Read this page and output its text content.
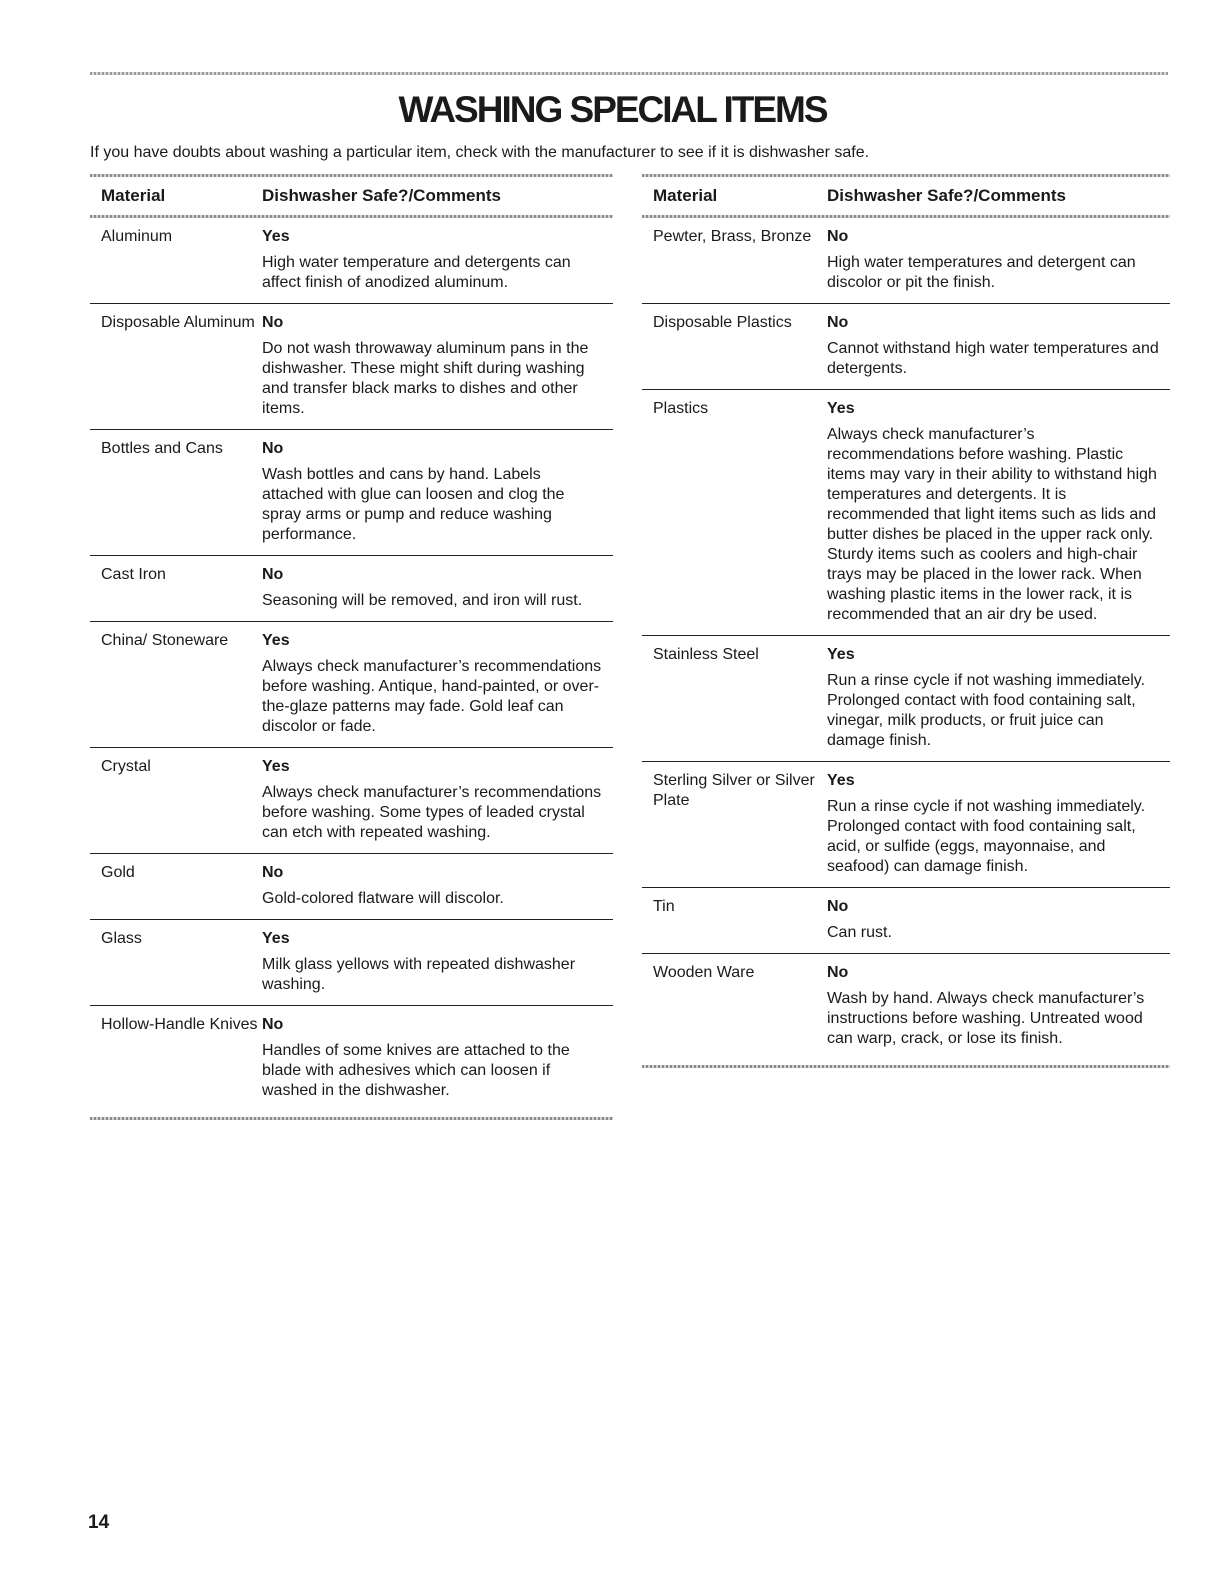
WASHING SPECIAL ITEMS
If you have doubts about washing a particular item, check with the manufacturer to see if it is dishwasher safe.
Material	Dishwasher Safe?/Comments
Aluminum	Yes
High water temperature and detergents can affect finish of anodized aluminum.
Disposable Aluminum No
Do not wash throwaway aluminum pans in the dishwasher. These might shift during washing and transfer black marks to dishes and other items.
Bottles and Cans	No
Wash bottles and cans by hand. Labels attached with glue can loosen and clog the spray arms or pump and reduce washing performance.
Cast Iron	No
Seasoning will be removed, and iron will rust.
China/ Stoneware	Yes
Always check manufacturer’s recommendations before washing. Antique, hand-painted, or over-the-glaze patterns may fade. Gold leaf can discolor or fade.
Crystal	Yes
Always check manufacturer’s recommendations before washing. Some types of leaded crystal can etch with repeated washing.
Gold	No
Gold-colored flatware will discolor.
Glass	Yes
Milk glass yellows with repeated dishwasher washing.
Hollow-Handle Knives No
Handles of some knives are attached to the blade with adhesives which can loosen if washed in the dishwasher.
Material	Dishwasher Safe?/Comments
Pewter, Brass, Bronze No
High water temperatures and detergent can discolor or pit the finish.
Disposable Plastics	No
Cannot withstand high water temperatures and detergents.
Plastics	Yes
Always check manufacturer’s recommendations before washing. Plastic items may vary in their ability to withstand high temperatures and detergents. It is recommended that light items such as lids and butter dishes be placed in the upper rack only. Sturdy items such as coolers and high-chair trays may be placed in the lower rack. When washing plastic items in the lower rack, it is recommended that an air dry be used.
Stainless Steel	Yes
Run a rinse cycle if not washing immediately. Prolonged contact with food containing salt, vinegar, milk products, or fruit juice can damage finish.
Sterling Silver or Silver Plate
Yes
Run a rinse cycle if not washing immediately. Prolonged contact with food containing salt, acid, or sulfide (eggs, mayonnaise, and seafood) can damage finish.
Tin	No
Can rust.
Wooden Ware	No
Wash by hand. Always check manufacturer’s instructions before washing. Untreated wood can warp, crack, or lose its finish.
14
